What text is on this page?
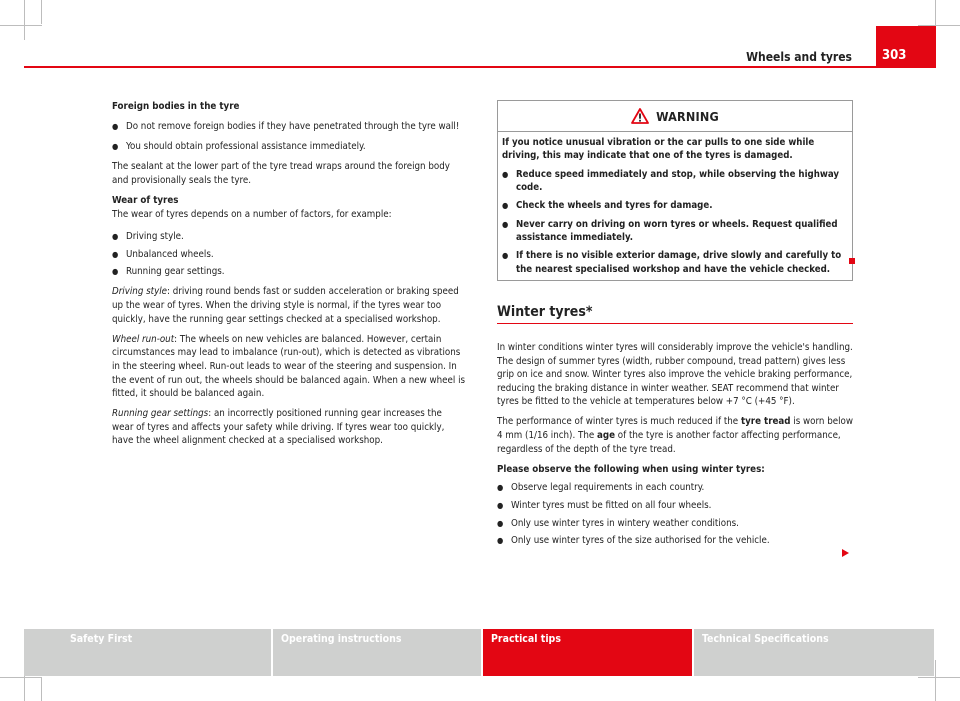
Wheels and tyres	303

Foreign bodies in the tyre

● Do not remove foreign bodies if they have penetrated through the tyre wall!
● You should obtain professional assistance immediately.

The sealant at the lower part of the tyre tread wraps around the foreign body and provisionally seals the tyre.

Wear of tyres

The wear of tyres depends on a number of factors, for example:

● Driving style.
● Unbalanced wheels.
● Running gear settings.

Driving style: driving round bends fast or sudden acceleration or braking speed up the wear of tyres. When the driving style is normal, if the tyres wear too quickly, have the running gear settings checked at a specialised workshop.

Wheel run-out: The wheels on new vehicles are balanced. However, certain circumstances may lead to imbalance (run-out), which is detected as vibrations in the steering wheel. Run-out leads to wear of the steering and suspension. In the event of run out, the wheels should be balanced again. When a new wheel is fitted, it should be balanced again.

Running gear settings: an incorrectly positioned running gear increases the wear of tyres and affects your safety while driving. If tyres wear too quickly, have the wheel alignment checked at a specialised workshop.

WARNING

If you notice unusual vibration or the car pulls to one side while driving, this may indicate that one of the tyres is damaged.

● Reduce speed immediately and stop, while observing the highway code.
● Check the wheels and tyres for damage.
● Never carry on driving on worn tyres or wheels. Request qualified assistance immediately.
● If there is no visible exterior damage, drive slowly and carefully to the nearest specialised workshop and have the vehicle checked.
Winter tyres*

In winter conditions winter tyres will considerably improve the vehicle's handling. The design of summer tyres (width, rubber compound, tread pattern) gives less grip on ice and snow. Winter tyres also improve the vehicle braking performance, reducing the braking distance in winter weather. SEAT recommend that winter tyres be fitted to the vehicle at temperatures below +7 °C (+45 °F).

The performance of winter tyres is much reduced if the tyre tread is worn below 4 mm (1/16 inch). The age of the tyre is another factor affecting performance, regardless of the depth of the tyre tread.

Please observe the following when using winter tyres:

● Observe legal requirements in each country.
● Winter tyres must be fitted on all four wheels.
● Only use winter tyres in wintery weather conditions.
● Only use winter tyres of the size authorised for the vehicle.
Safety First	Operating instructions	Practical tips	Technical Specifications
